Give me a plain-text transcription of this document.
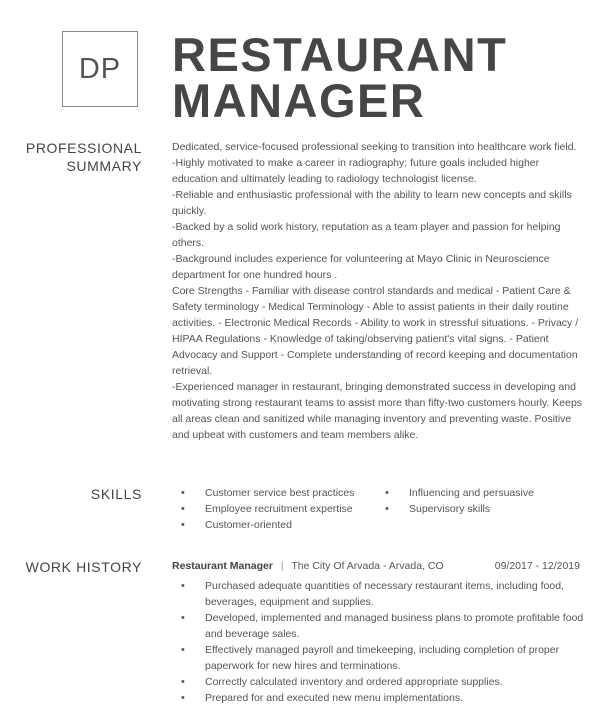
DP RESTAURANT
MANAGER
PROFESSIONAL
SUMMARY

Dedicated, service-focused professional seeking to transition into healthcare work field.

-Highly motivated to make a career in radiography; future goals included higher education and ultimately leading to radiology technologist license.

-Reliable and enthusiastic professional with the ability to learn new concepts and skills quickly.

-Backed by a solid work history, reputation as a team player and passion for helping others.

-Background includes experience for volunteering at Mayo Clinic in Neuroscience department for one hundred hours .

Core Strengths - Familiar with disease control standards and medical - Patient Care & Safety terminology - Medical Terminology - Able to assist patients in their daily routine activities. - Electronic Medical Records - Ability to work in stressful situations. - Privacy / HIPAA Regulations - Knowledge of taking/observing patient's vital signs. - Patient Advocacy and Support - Complete understanding of record keeping and documentation retrieval.

-Experienced manager in restaurant, bringing demonstrated success in developing and motivating strong restaurant teams to assist more than fifty-two customers hourly. Keeps all areas clean and sanitized while managing inventory and preventing waste. Positive and upbeat with customers and team members alike.

SKILLS	• Customer service best practices	• Influencing and persuasive
• Employee recruitment expertise	• Supervisory skills
• Customer-oriented
WORK HISTORY	Restaurant Manager | The City Of Arvada - Arvada, CO	09/2017 - 12/2019
• Purchased adequate quantities of necessary restaurant items, including food, beverages, equipment and supplies.
• Developed, implemented and managed business plans to promote profitable food and beverage sales.
• Effectively managed payroll and timekeeping, including completion of proper paperwork for new hires and terminations.
• Correctly calculated inventory and ordered appropriate supplies.
• Prepared for and executed new menu implementations.
